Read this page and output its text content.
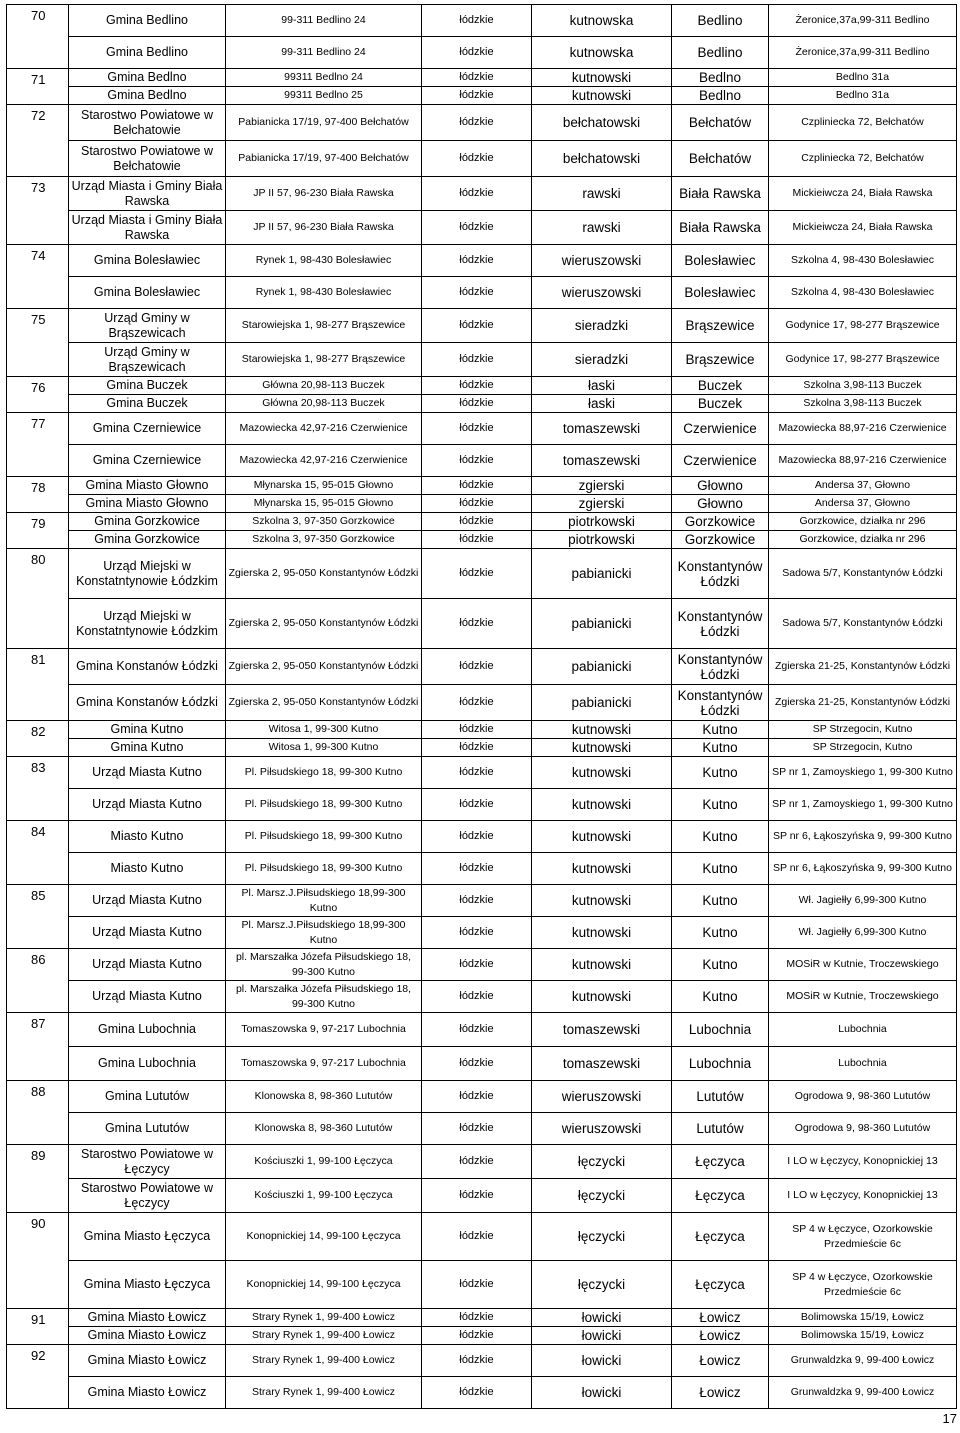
70	Gmina Bedlino	99-311 Bedlino 24	łódzkie	kutnowska	Bedlino	Żeronice,37a,99-311 Bedlino
	Gmina Bedlino	99-311 Bedlino 24	łódzkie	kutnowska	Bedlino	Żeronice,37a,99-311 Bedlino
71	Gmina Bedlno	99311 Bedlno 24	łódzkie	kutnowski	Bedlno	Bedlno 31a
	Gmina Bedlno	99311 Bedlno 25	łódzkie	kutnowski	Bedlno	Bedlno 31a
72	Starostwo Powiatowe w Bełchatowie	Pabianicka 17/19, 97-400 Bełchatów	łódzkie	bełchatowski	Bełchatów	Czpliniecka 72, Bełchatów
	Starostwo Powiatowe w Bełchatowie	Pabianicka 17/19, 97-400 Bełchatów	łódzkie	bełchatowski	Bełchatów	Czpliniecka 72, Bełchatów
73	Urząd Miasta i Gminy Biała Rawska	JP II 57, 96-230 Biała Rawska	łódzkie	rawski	Biała Rawska	Mickieiwcza 24, Biała Rawska
	Urząd Miasta i Gminy Biała Rawska	JP II 57, 96-230 Biała Rawska	łódzkie	rawski	Biała Rawska	Mickieiwcza 24, Biała Rawska
74	Gmina Bolesławiec	Rynek 1, 98-430 Bolesławiec	łódzkie	wieruszowski	Bolesławiec	Szkolna 4, 98-430 Bolesławiec
	Gmina Bolesławiec	Rynek 1, 98-430 Bolesławiec	łódzkie	wieruszowski	Bolesławiec	Szkolna 4, 98-430 Bolesławiec
75	Urząd Gminy w Brąszewicach	Starowiejska 1, 98-277 Brąszewice	łódzkie	sieradzki	Brąszewice	Godynice 17, 98-277 Brąszewice
	Urząd Gminy w Brąszewicach	Starowiejska 1, 98-277 Brąszewice	łódzkie	sieradzki	Brąszewice	Godynice 17, 98-277 Brąszewice
76	Gmina Buczek	Główna 20,98-113 Buczek	łódzkie	łaski	Buczek	Szkolna 3,98-113 Buczek
	Gmina Buczek	Główna 20,98-113 Buczek	łódzkie	łaski	Buczek	Szkolna 3,98-113 Buczek
77	Gmina Czerniewice	Mazowiecka 42,97-216 Czerwienice	łódzkie	tomaszewski	Czerwienice	Mazowiecka 88,97-216 Czerwienice
	Gmina Czerniewice	Mazowiecka 42,97-216 Czerwienice	łódzkie	tomaszewski	Czerwienice	Mazowiecka 88,97-216 Czerwienice
78	Gmina Miasto Głowno	Młynarska 15, 95-015 Głowno	łódzkie	zgierski	Głowno	Andersa 37, Głowno
	Gmina Miasto Głowno	Młynarska 15, 95-015 Głowno	łódzkie	zgierski	Głowno	Andersa 37, Głowno
79	Gmina Gorzkowice	Szkolna 3, 97-350 Gorzkowice	łódzkie	piotrkowski	Gorzkowice	Gorzkowice, działka nr 296
	Gmina Gorzkowice	Szkolna 3, 97-350 Gorzkowice	łódzkie	piotrkowski	Gorzkowice	Gorzkowice, działka nr 296
80	Urząd Miejski w Konstatntynowie Łódzkim	Zgierska 2, 95-050 Konstantynów Łódzki	łódzkie	pabianicki	Konstantynów Łódzki	Sadowa 5/7, Konstantynów Łódzki
	Urząd Miejski w Konstatntynowie Łódzkim	Zgierska 2, 95-050 Konstantynów Łódzki	łódzkie	pabianicki	Konstantynów Łódzki	Sadowa 5/7, Konstantynów Łódzki
81	Gmina Konstanów Łódzki	Zgierska 2, 95-050 Konstantynów Łódzki	łódzkie	pabianicki	Konstantynów Łódzki	Zgierska 21-25, Konstantynów Łódzki
	Gmina Konstanów Łódzki	Zgierska 2, 95-050 Konstantynów Łódzki	łódzkie	pabianicki	Konstantynów Łódzki	Zgierska 21-25, Konstantynów Łódzki
82	Gmina Kutno	Witosa 1, 99-300 Kutno	łódzkie	kutnowski	Kutno	SP Strzegocin, Kutno
	Gmina Kutno	Witosa 1, 99-300 Kutno	łódzkie	kutnowski	Kutno	SP Strzegocin, Kutno
83	Urząd Miasta Kutno	Pl. Piłsudskiego 18, 99-300 Kutno	łódzkie	kutnowski	Kutno	SP nr 1, Zamoyskiego 1, 99-300 Kutno
	Urząd Miasta Kutno	Pl. Piłsudskiego 18, 99-300 Kutno	łódzkie	kutnowski	Kutno	SP nr 1, Zamoyskiego 1, 99-300 Kutno
84	Miasto Kutno	Pl. Piłsudskiego 18, 99-300 Kutno	łódzkie	kutnowski	Kutno	SP nr 6, Łąkoszyńska 9, 99-300 Kutno
	Miasto Kutno	Pl. Piłsudskiego 18, 99-300 Kutno	łódzkie	kutnowski	Kutno	SP nr 6, Łąkoszyńska 9, 99-300 Kutno
85	Urząd Miasta Kutno	Pl. Marsz.J.Piłsudskiego 18,99-300 Kutno	łódzkie	kutnowski	Kutno	Wł. Jagiełły 6,99-300 Kutno
	Urząd Miasta Kutno	Pl. Marsz.J.Piłsudskiego 18,99-300 Kutno	łódzkie	kutnowski	Kutno	Wł. Jagiełły 6,99-300 Kutno
86	Urząd Miasta Kutno	pl. Marszałka Józefa Piłsudskiego 18, 99-300 Kutno	łódzkie	kutnowski	Kutno	MOSiR w Kutnie, Troczewskiego
	Urząd Miasta Kutno	pl. Marszałka Józefa Piłsudskiego 18, 99-300 Kutno	łódzkie	kutnowski	Kutno	MOSiR w Kutnie, Troczewskiego
87	Gmina Lubochnia	Tomaszowska 9, 97-217 Lubochnia	łódzkie	tomaszewski	Lubochnia	Lubochnia
	Gmina Lubochnia	Tomaszowska 9, 97-217 Lubochnia	łódzkie	tomaszewski	Lubochnia	Lubochnia
88	Gmina Lututów	Klonowska 8, 98-360 Lututów	łódzkie	wieruszowski	Lututów	Ogrodowa 9, 98-360 Lututów
	Gmina Lututów	Klonowska 8, 98-360 Lututów	łódzkie	wieruszowski	Lututów	Ogrodowa 9, 98-360 Lututów
89	Starostwo Powiatowe w Łęczycy	Kościuszki 1, 99-100 Łęczyca	łódzkie	łęczycki	Łęczyca	I LO w Łęczycy, Konopnickiej 13
	Starostwo Powiatowe w Łęczycy	Kościuszki 1, 99-100 Łęczyca	łódzkie	łęczycki	Łęczyca	I LO w Łęczycy, Konopnickiej 13
90	Gmina Miasto Łęczyca	Konopnickiej 14, 99-100 Łęczyca	łódzkie	łęczycki	Łęczyca	SP 4 w Łęczyce, Ozorkowskie Przedmieście 6c
	Gmina Miasto Łęczyca	Konopnickiej 14, 99-100 Łęczyca	łódzkie	łęczycki	Łęczyca	SP 4 w Łęczyce, Ozorkowskie Przedmieście 6c
91	Gmina Miasto Łowicz	Strary Rynek 1, 99-400 Łowicz	łódzkie	łowicki	Łowicz	Bolimowska 15/19, Łowicz
	Gmina Miasto Łowicz	Strary Rynek 1, 99-400 Łowicz	łódzkie	łowicki	Łowicz	Bolimowska 15/19, Łowicz
92	Gmina Miasto Łowicz	Strary Rynek 1, 99-400 Łowicz	łódzkie	łowicki	Łowicz	Grunwaldzka 9, 99-400 Łowicz
	Gmina Miasto Łowicz	Strary Rynek 1, 99-400 Łowicz	łódzkie	łowicki	Łowicz	Grunwaldzka 9, 99-400 Łowicz
17
